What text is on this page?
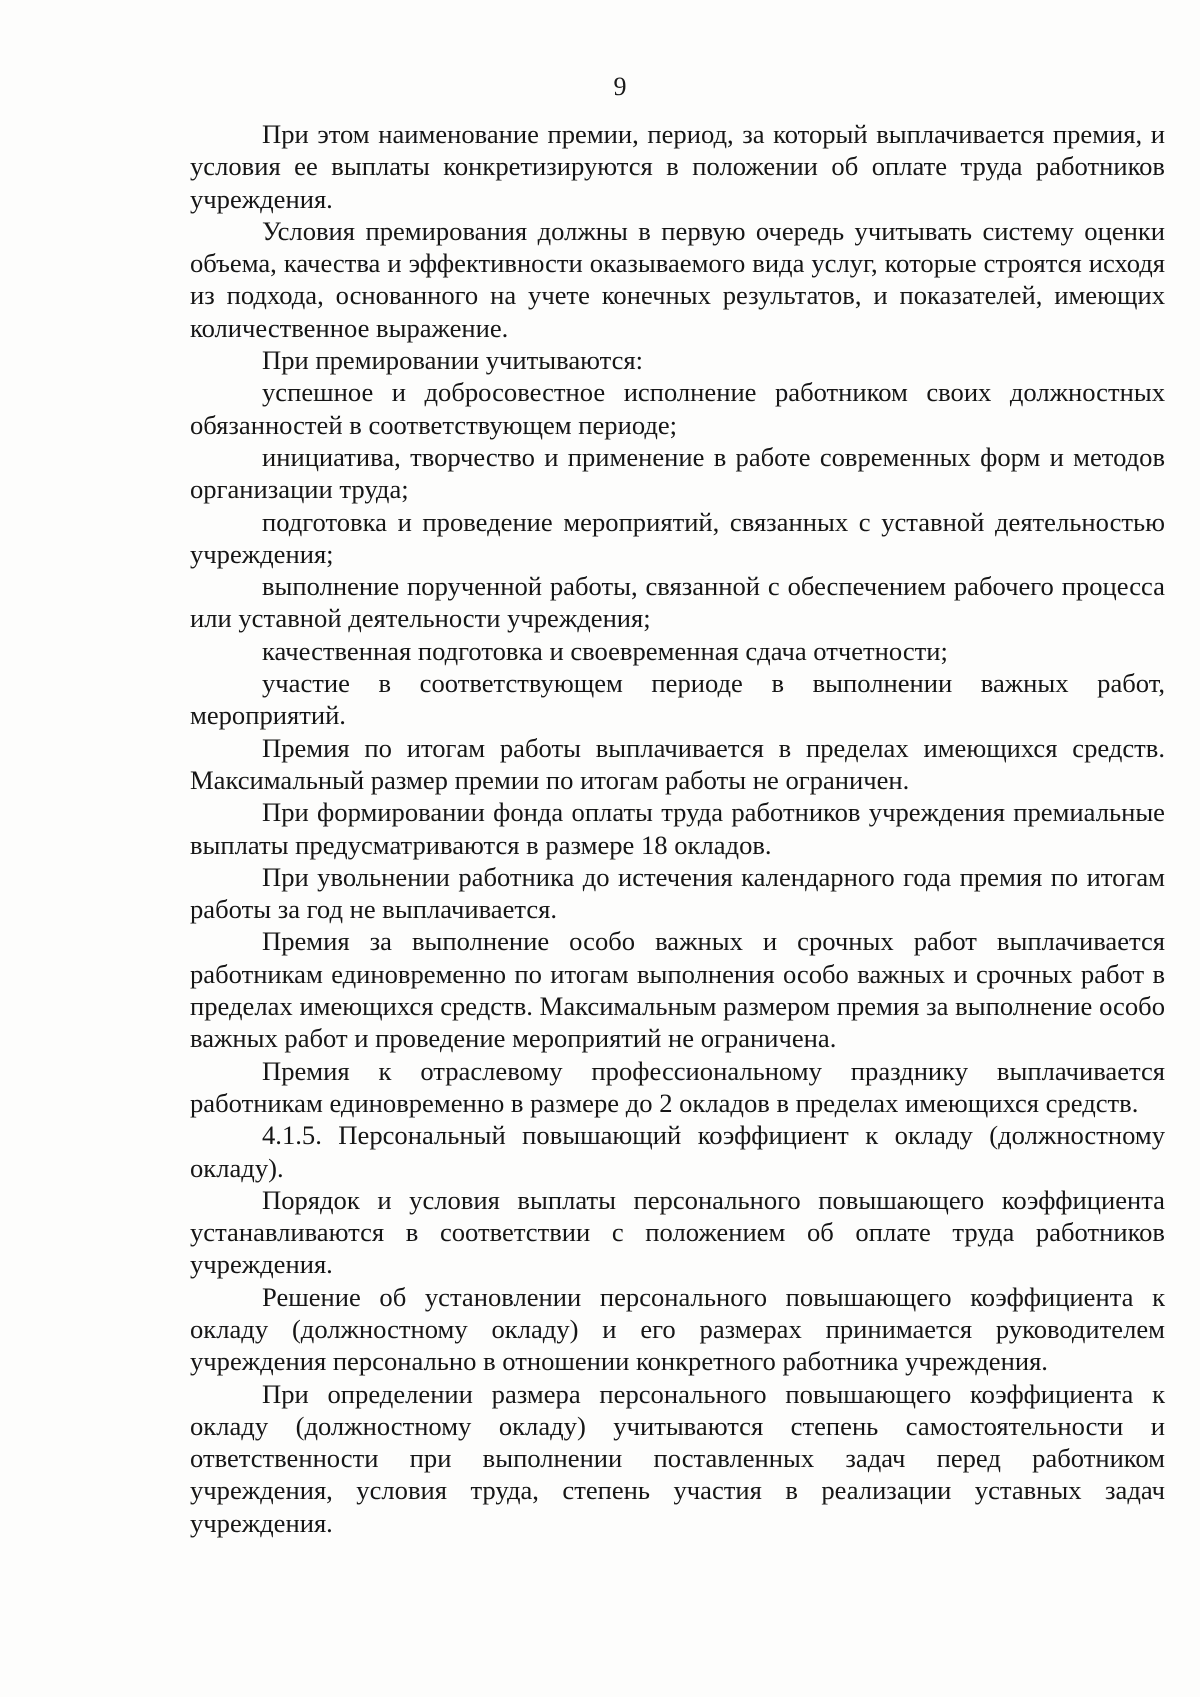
9

При этом наименование премии, период, за который выплачивается премия, и условия ее выплаты конкретизируются в положении об оплате труда работников учреждения.

Условия премирования должны в первую очередь учитывать систему оценки объема, качества и эффективности оказываемого вида услуг, которые строятся исходя из подхода, основанного на учете конечных результатов, и показателей, имеющих количественное выражение.

При премировании учитываются:

успешное и добросовестное исполнение работником своих должностных обязанностей в соответствующем периоде;

инициатива, творчество и применение в работе современных форм и методов организации труда;

подготовка и проведение мероприятий, связанных с уставной деятельностью учреждения;

выполнение порученной работы, связанной с обеспечением рабочего процесса или уставной деятельности учреждения;

качественная подготовка и своевременная сдача отчетности;

участие в соответствующем периоде в выполнении важных работ, мероприятий.

Премия по итогам работы выплачивается в пределах имеющихся средств. Максимальный размер премии по итогам работы не ограничен.

При формировании фонда оплаты труда работников учреждения премиальные выплаты предусматриваются в размере 18 окладов.

При увольнении работника до истечения календарного года премия по итогам работы за год не выплачивается.

Премия за выполнение особо важных и срочных работ выплачивается работникам единовременно по итогам выполнения особо важных и срочных работ в пределах имеющихся средств. Максимальным размером премия за выполнение особо важных работ и проведение мероприятий не ограничена.

Премия к отраслевому профессиональному празднику выплачивается работникам единовременно в размере до 2 окладов в пределах имеющихся средств.

4.1.5. Персональный повышающий коэффициент к окладу (должностному окладу).

Порядок и условия выплаты персонального повышающего коэффициента устанавливаются в соответствии с положением об оплате труда работников учреждения.

Решение об установлении персонального повышающего коэффициента к окладу (должностному окладу) и его размерах принимается руководителем учреждения персонально в отношении конкретного работника учреждения.

При определении размера персонального повышающего коэффициента к окладу (должностному окладу) учитываются степень самостоятельности и ответственности при выполнении поставленных задач перед работником учреждения, условия труда, степень участия в реализации уставных задач учреждения.
